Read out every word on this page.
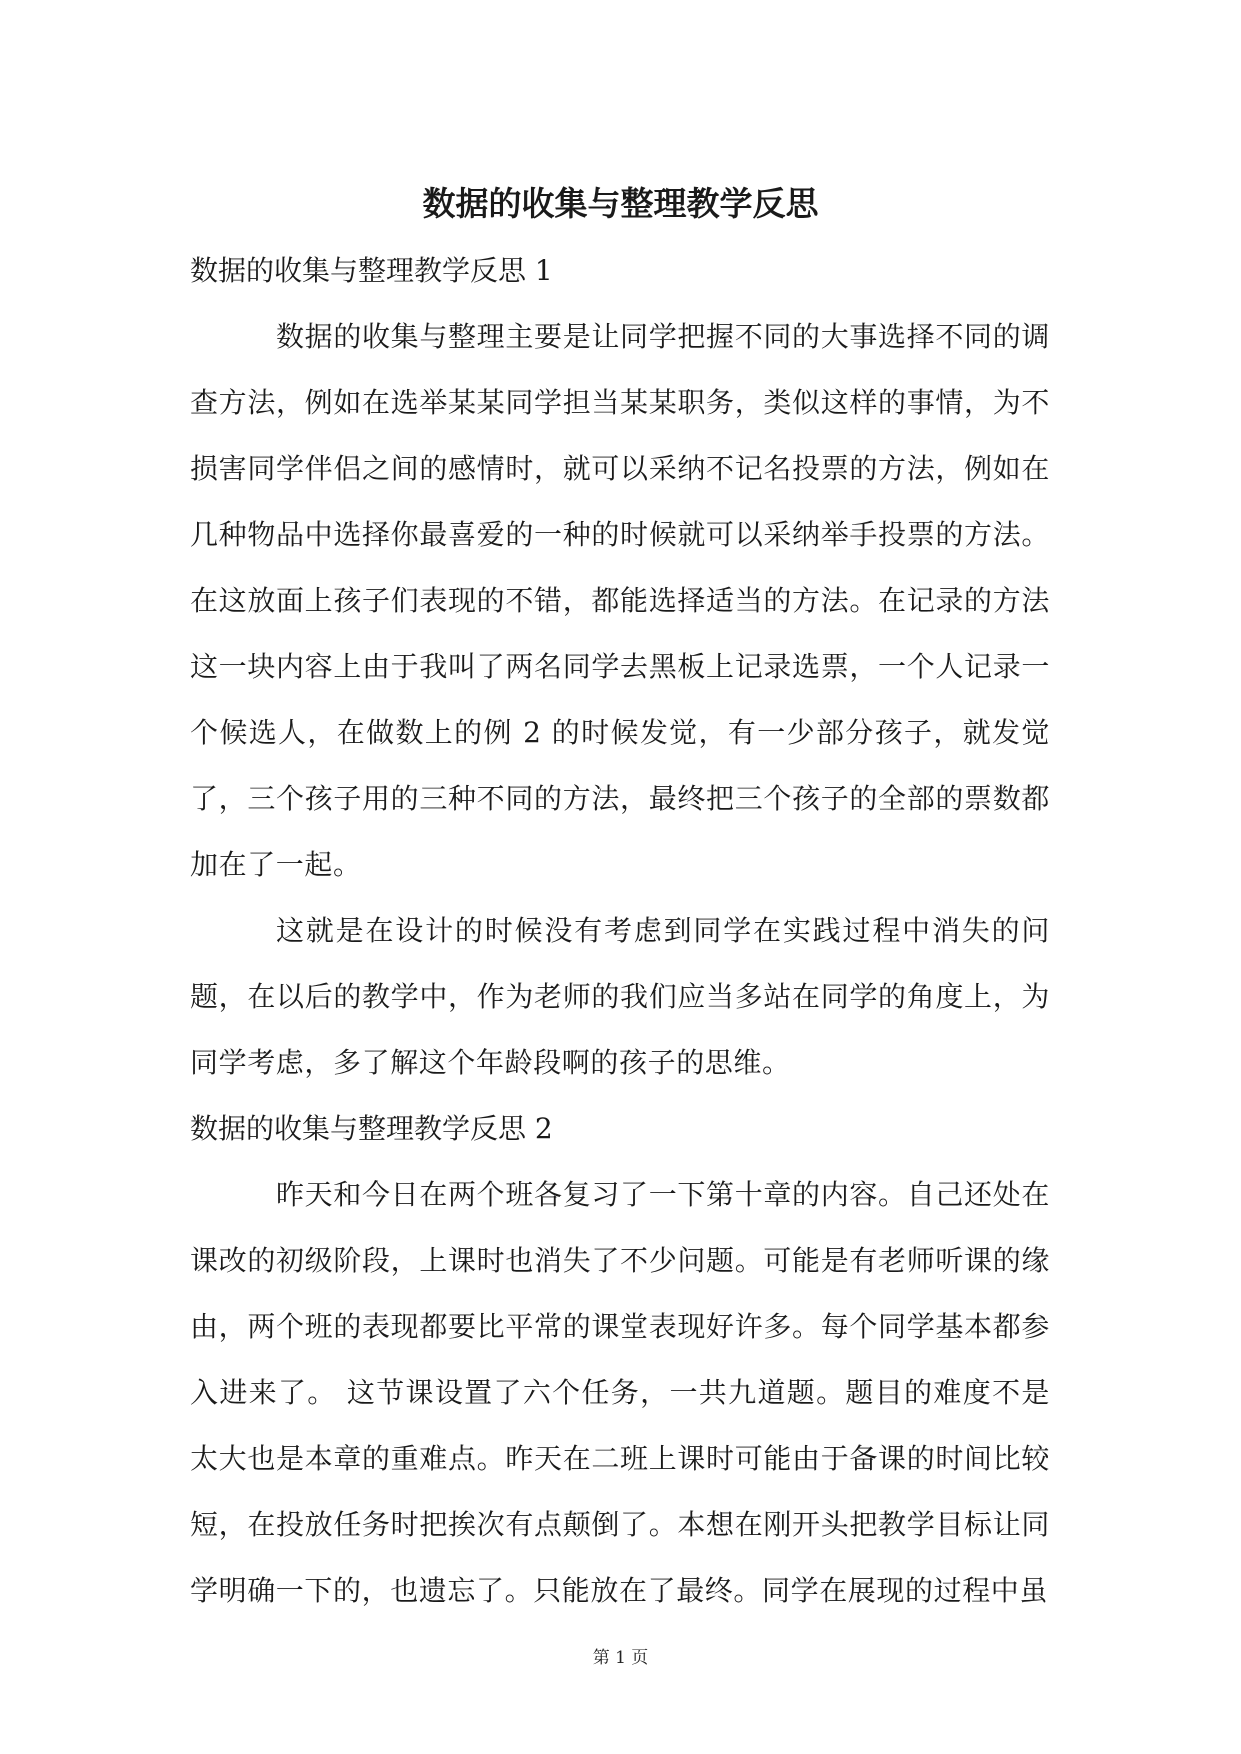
数据的收集与整理教学反思

数据的收集与整理教学反思 1

数据的收集与整理主要是让同学把握不同的大事选择不同的调查方法，例如在选举某某同学担当某某职务，类似这样的事情，为不损害同学伴侣之间的感情时，就可以采纳不记名投票的方法，例如在几种物品中选择你最喜爱的一种的时候就可以采纳举手投票的方法。在这放面上孩子们表现的不错，都能选择适当的方法。在记录的方法这一块内容上由于我叫了两名同学去黑板上记录选票，一个人记录一个候选人，在做数上的例 2 的时候发觉，有一少部分孩子，就发觉了，三个孩子用的三种不同的方法，最终把三个孩子的全部的票数都加在了一起。

这就是在设计的时候没有考虑到同学在实践过程中消失的问题，在以后的教学中，作为老师的我们应当多站在同学的角度上，为同学考虑，多了解这个年龄段啊的孩子的思维。

数据的收集与整理教学反思 2

昨天和今日在两个班各复习了一下第十章的内容。自己还处在课改的初级阶段，上课时也消失了不少问题。可能是有老师听课的缘由，两个班的表现都要比平常的课堂表现好许多。每个同学基本都参入进来了。 这节课设置了六个任务，一共九道题。题目的难度不是太大也是本章的重难点。昨天在二班上课时可能由于备课的时间比较短，在投放任务时把挨次有点颠倒了。本想在刚开头把教学目标让同学明确一下的，也遗忘了。只能放在了最终。同学在展现的过程中虽

第 1 页
